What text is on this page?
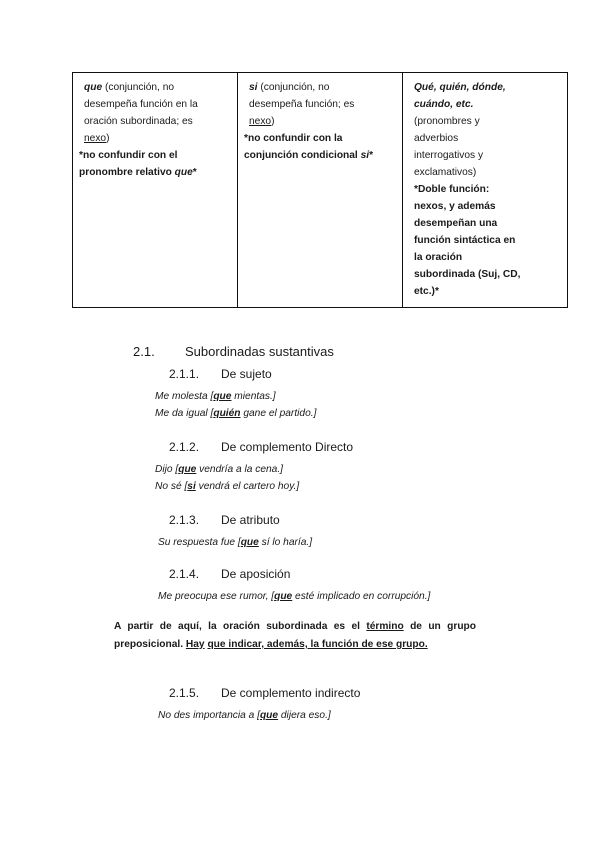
que (conjunción, no
desempeña función en la
oración subordinada; es
nexo)
*no confundir con el
pronombre relativo que*

si (conjunción, no
desempeña función; es
nexo)
*no confundir con la
conjunción condicional si*

Qué, quién, dónde,
cuándo, etc.
(pronombres y
adverbios
interrogativos y
exclamativos)
*Doble función:
nexos, y además
desempeñan una
función sintáctica en
la oración
subordinada (Suj, CD,
etc.)*
2.1. Subordinadas sustantivas
2.1.1. De sujeto
Me molesta [que mientas.]
Me da igual [quién gane el partido.]
2.1.2. De complemento Directo
Dijo [que vendría a la cena.]
No sé [si vendrá el cartero hoy.]
2.1.3. De atributo
Su respuesta fue [que sí lo haría.]
2.1.4. De aposición
Me preocupa ese rumor, [que esté implicado en corrupción.]
A partir de aquí, la oración subordinada es el término de un grupo
preposicional. Hay que indicar, además, la función de ese grupo.
2.1.5. De complemento indirecto
No des importancia a [que dijera eso.]
